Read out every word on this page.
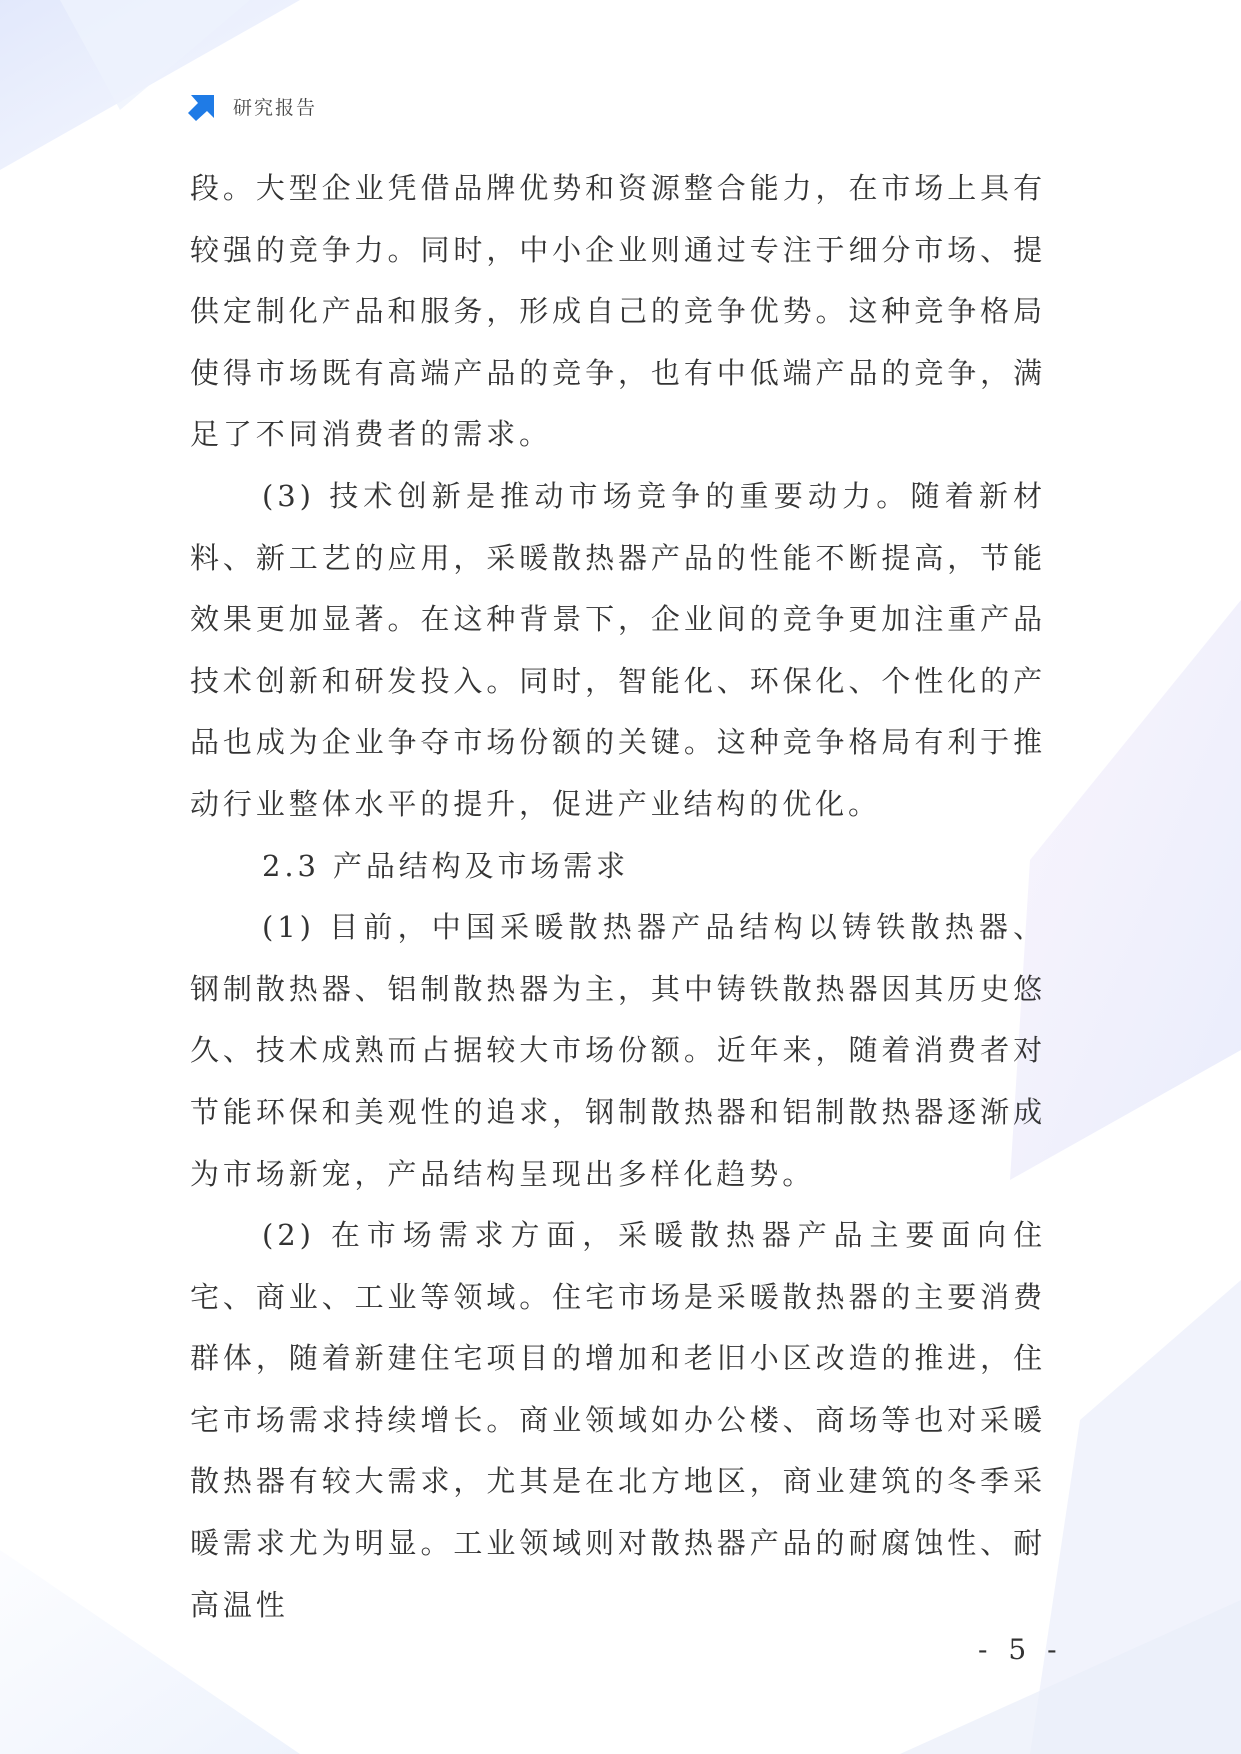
研究报告

段。大型企业凭借品牌优势和资源整合能力，在市场上具有较强的竞争力。同时，中小企业则通过专注于细分市场、提供定制化产品和服务，形成自己的竞争优势。这种竞争格局使得市场既有高端产品的竞争，也有中低端产品的竞争，满足了不同消费者的需求。

(3) 技术创新是推动市场竞争的重要动力。随着新材料、新工艺的应用，采暖散热器产品的性能不断提高，节能效果更加显著。在这种背景下，企业间的竞争更加注重产品技术创新和研发投入。同时，智能化、环保化、个性化的产品也成为企业争夺市场份额的关键。这种竞争格局有利于推动行业整体水平的提升，促进产业结构的优化。

2.3 产品结构及市场需求

(1) 目前，中国采暖散热器产品结构以铸铁散热器、钢制散热器、铝制散热器为主，其中铸铁散热器因其历史悠久、技术成熟而占据较大市场份额。近年来，随着消费者对节能环保和美观性的追求，钢制散热器和铝制散热器逐渐成为市场新宠，产品结构呈现出多样化趋势。

(2) 在市场需求方面，采暖散热器产品主要面向住宅、商业、工业等领域。住宅市场是采暖散热器的主要消费群体，随着新建住宅项目的增加和老旧小区改造的推进，住宅市场需求持续增长。商业领域如办公楼、商场等也对采暖散热器有较大需求，尤其是在北方地区，商业建筑的冬季采暖需求尤为明显。工业领域则对散热器产品的耐腐蚀性、耐高温性

- 5 -
